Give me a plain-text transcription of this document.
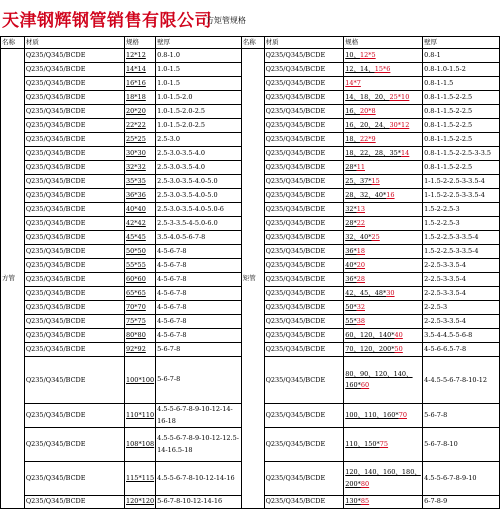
天津钢辉钢管销售有限公司
方矩管规格
名称	材质	规格	壁厚	名称	材质	规格	壁厚
方管	Q235/Q345/BCDE	12*12	0.8-1.0	矩管	Q235/Q345/BCDE	10、12*5	0.8-1
	Q235/Q345/BCDE	14*14	1.0-1.5		Q235/Q345/BCDE	12、14、15*6	0.8-1.0-1.5-2
	Q235/Q345/BCDE	16*16	1.0-1.5		Q235/Q345/BCDE	14*7	0.8-1-1.5
	Q235/Q345/BCDE	18*18	1.0-1.5-2.0		Q235/Q345/BCDE	14、18、20、25*10	0.8-1-1.5-2-2.5
	Q235/Q345/BCDE	20*20	1.0-1.5-2.0-2.5		Q235/Q345/BCDE	16、20*8	0.8-1-1.5-2-2.5
	Q235/Q345/BCDE	22*22	1.0-1.5-2.0-2.5		Q235/Q345/BCDE	16、20、24、30*12	0.8-1-1.5-2-2.5
	Q235/Q345/BCDE	25*25	2.5-3.0		Q235/Q345/BCDE	18、22*9	0.8-1-1.5-2-2.5
	Q235/Q345/BCDE	30*30	2.5-3.0-3.5-4.0		Q235/Q345/BCDE	18、22、28、35*14	0.8-1-1.5-2-2.5-3-3.5
	Q235/Q345/BCDE	32*32	2.5-3.0-3.5-4.0		Q235/Q345/BCDE	28*11	0.8-1-1.5-2-2.5
	Q235/Q345/BCDE	35*35	2.5-3.0-3.5-4.0-5.0		Q235/Q345/BCDE	25、37*15	1-1.5-2-2.5-3-3.5-4
	Q235/Q345/BCDE	36*36	2.5-3.0-3.5-4.0-5.0		Q235/Q345/BCDE	28、32、40*16	1-1.5-2-2.5-3-3.5-4
	Q235/Q345/BCDE	40*40	2.5-3.0-3.5-4.0-5.0-6		Q235/Q345/BCDE	32*13	1.5-2-2.5-3
	Q235/Q345/BCDE	42*42	2.5-3-3.5-4-5.0-6.0		Q235/Q345/BCDE	28*22	1.5-2-2.5-3
	Q235/Q345/BCDE	45*45	3.5-4.0-5-6-7-8		Q235/Q345/BCDE	32、40*25	1.5-2-2.5-3-3.5-4
	Q235/Q345/BCDE	50*50	4-5-6-7-8		Q235/Q345/BCDE	36*18	1.5-2-2.5-3-3.5-4
	Q235/Q345/BCDE	55*55	4-5-6-7-8		Q235/Q345/BCDE	40*20	2-2.5-3-3.5-4
	Q235/Q345/BCDE	60*60	4-5-6-7-8		Q235/Q345/BCDE	36*28	2-2.5-3-3.5-4
	Q235/Q345/BCDE	65*65	4-5-6-7-8		Q235/Q345/BCDE	42、45、48*30	2-2.5-3-3.5-4
	Q235/Q345/BCDE	70*70	4-5-6-7-8		Q235/Q345/BCDE	50*32	2-2.5-3
	Q235/Q345/BCDE	75*75	4-5-6-7-8		Q235/Q345/BCDE	55*38	2-2.5-3-3.5-4
	Q235/Q345/BCDE	80*80	4-5-6-7-8		Q235/Q345/BCDE	60、120、140*40	3.5-4-4.5-5-6-8
	Q235/Q345/BCDE	92*92	5-6-7-8		Q235/Q345/BCDE	70、120、200*50	4-5-6-6.5-7-8
	Q235/Q345/BCDE	100*100	5-6-7-8		Q235/Q345/BCDE	80、90、120、140、160*60	4-4.5-5-6-7-8-10-12
	Q235/Q345/BCDE	110*110	4.5-5-6-7-8-9-10-12-14-16-18		Q235/Q345/BCDE	100、110、160*70	5-6-7-8
	Q235/Q345/BCDE	108*108	4.5-5-6-7-8-9-10-12-12.5-14-16.5-18		Q235/Q345/BCDE	110、150*75	5-6-7-8-10
	Q235/Q345/BCDE	115*115	4.5-5-6-7-8-10-12-14-16		Q235/Q345/BCDE	120、140、160、180、200*80	4.5-5-6-7-8-9-10
	Q235/Q345/BCDE	120*120	5-6-7-8-10-12-14-16		Q235/Q345/BCDE	130*85	6-7-8-9
